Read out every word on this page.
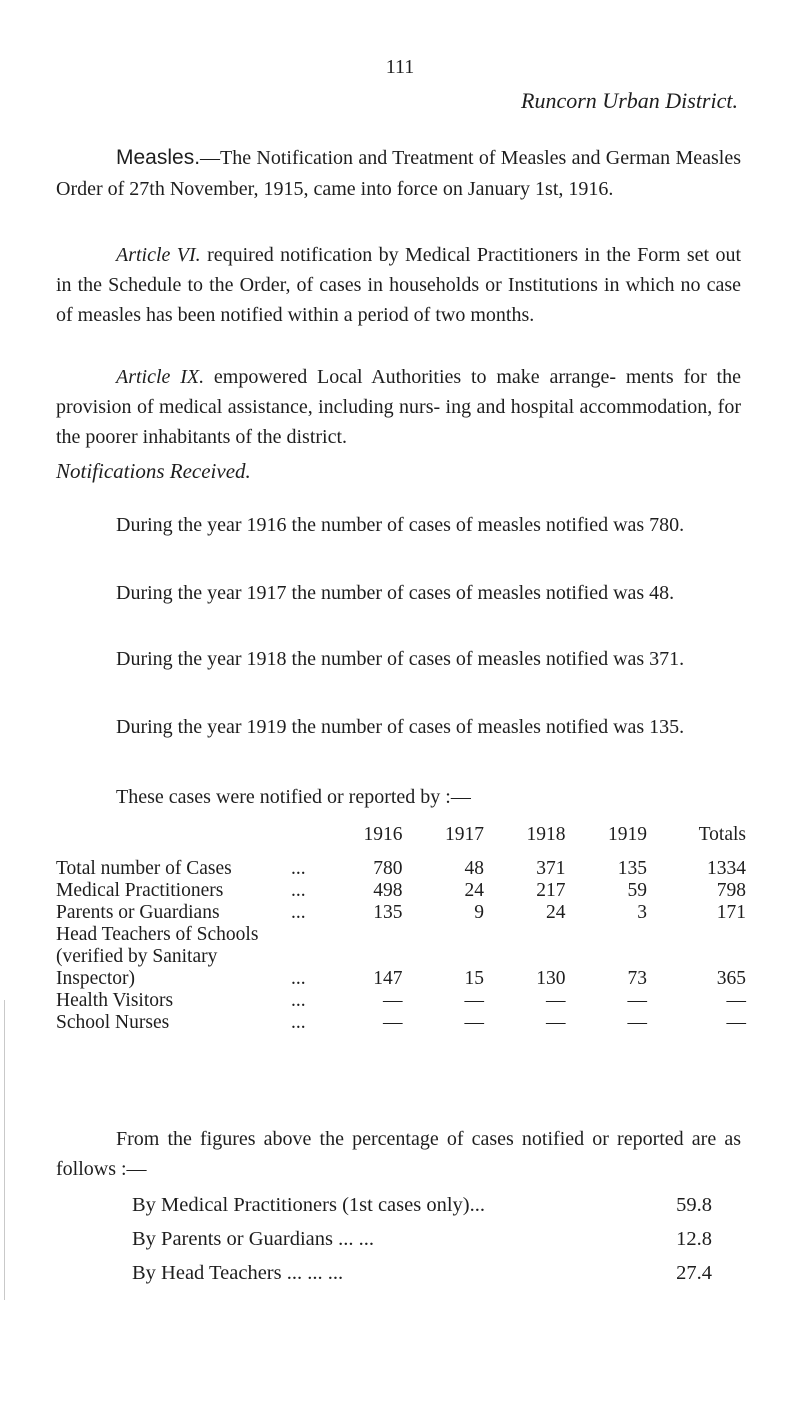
111
Runcorn Urban District.

Measles.—The Notification and Treatment of Measles and German Measles Order of 27th November, 1915, came into force on January 1st, 1916.

Article VI. required notification by Medical Practitioners in the Form set out in the Schedule to the Order, of cases in households or Institutions in which no case of measles has been notified within a period of two months.

Article IX. empowered Local Authorities to make arrange- ments for the provision of medical assistance, including nurs- ing and hospital accommodation, for the poorer inhabitants of the district.

Notifications Received.

During the year 1916 the number of cases of measles notified was 780.

During the year 1917 the number of cases of measles notified was 48.

During the year 1918 the number of cases of measles notified was 371.

During the year 1919 the number of cases of measles notified was 135.

These cases were notified or reported by :—

		1916	1917	1918	1919	Totals
Total number of Cases	...	780	48	371	135	1334
Medical Practitioners	...	498	24	217	59	798
Parents or Guardians	...	135	9	24	3	171
Head Teachers of Schools						
(verified by Sanitary						
Inspector)	...	147	15	130	73	365
Health Visitors	...	—	—	—	—	—
School Nurses	...	—	—	—	—	—

From the figures above the percentage of cases notified or reported are as follows :—

By Medical Practitioners (1st cases only)...	59.8
By Parents or Guardians ... ...	12.8
By Head Teachers ... ... ...	27.4
